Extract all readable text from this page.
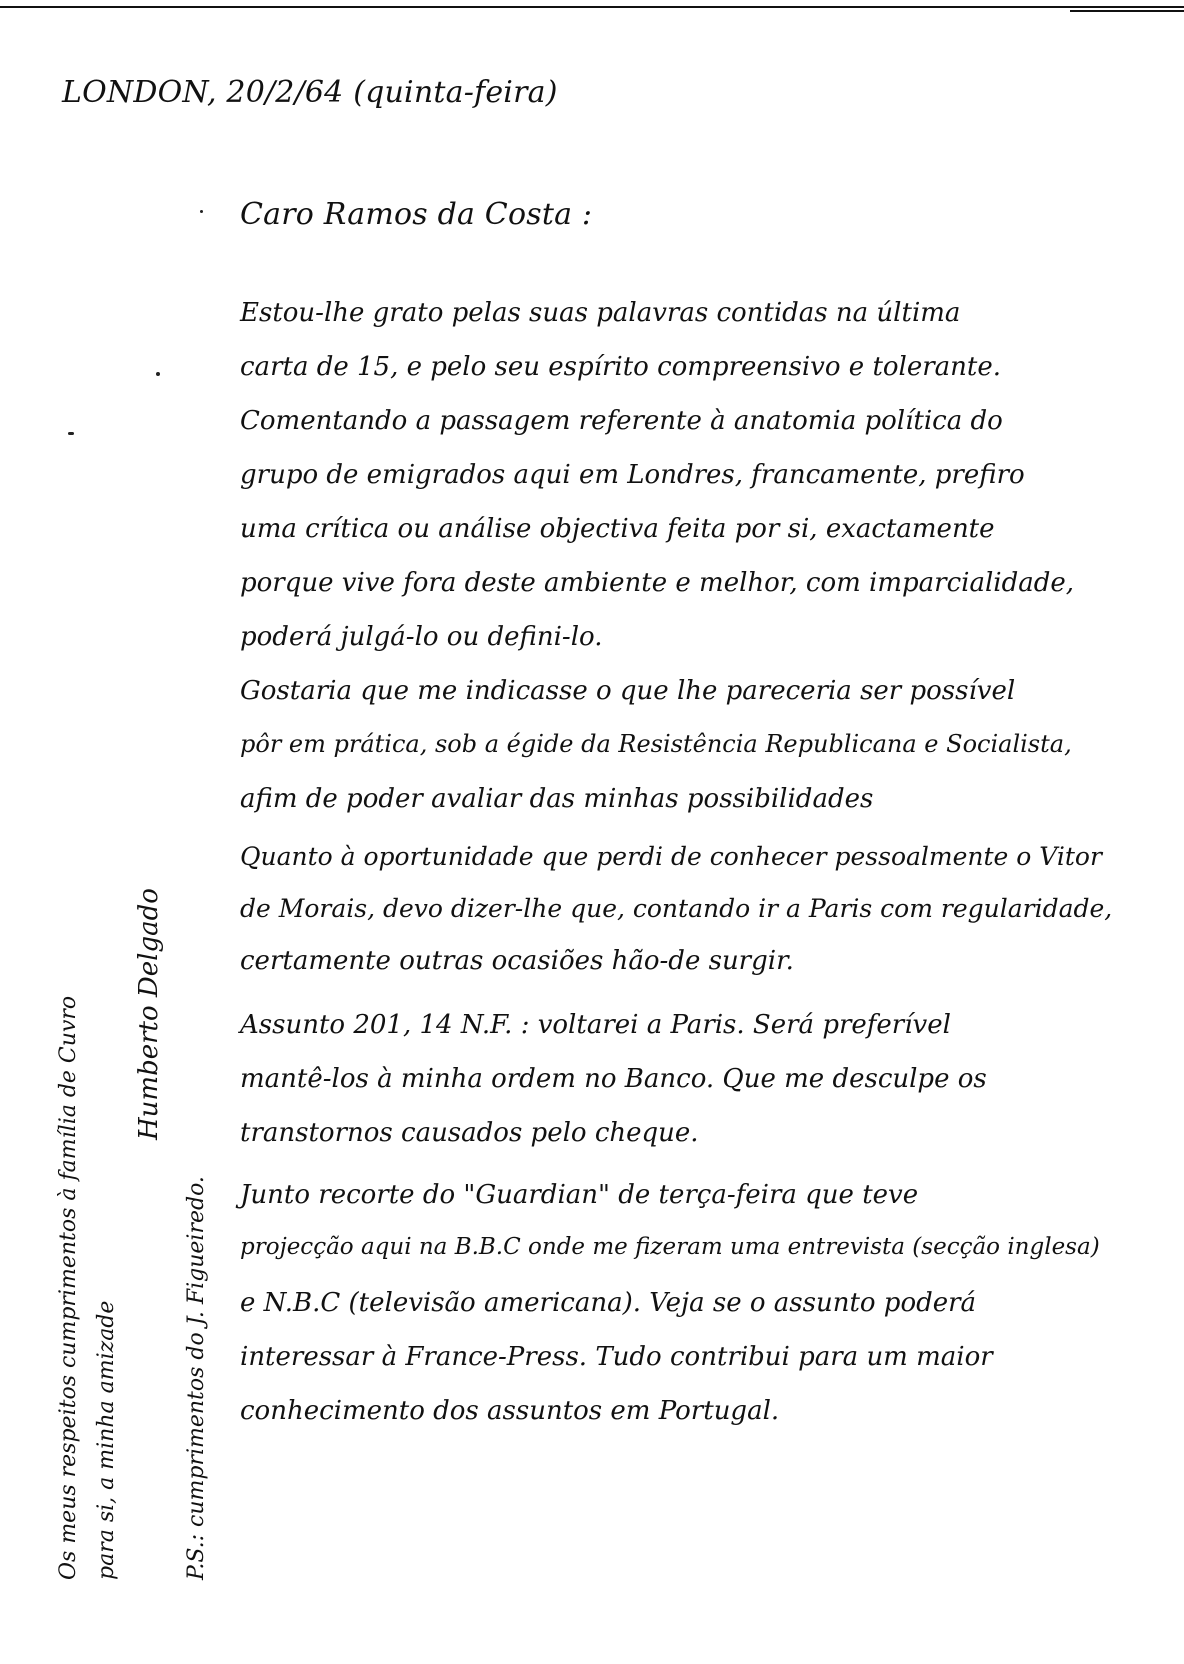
LONDON, 20/2/64 (quinta-feira)
Caro Ramos da Costa :
Estou-lhe grato pelas suas palavras contidas na última
carta de 15, e pelo seu espírito compreensivo e tolerante.
Comentando a passagem referente à anatomia política do
grupo de emigrados aqui em Londres, francamente, prefiro
uma crítica ou análise objectiva feita por si, exactamente
porque vive fora deste ambiente e melhor, com imparcialidade,
poderá julgá-lo ou defini-lo.
Gostaria que me indicasse o que lhe pareceria ser possível
pôr em prática, sob a égide da Resistência Republicana e Socialista,
afim de poder avaliar das minhas possibilidades
Quanto à oportunidade que perdi de conhecer pessoalmente o Vitor
de Morais, devo dizer-lhe que, contando ir a Paris com regularidade,
certamente outras ocasiões hão-de surgir.
Assunto 201, 14 N.F. : voltarei a Paris. Será preferível
mantê-los à minha ordem no Banco. Que me desculpe os
transtornos causados pelo cheque.
Junto recorte do "Guardian" de terça-feira que teve
projecção aqui na B.B.C onde me fizeram uma entrevista (secção inglesa)
e N.B.C (televisão americana). Veja se o assunto poderá
interessar à France-Press. Tudo contribui para um maior
conhecimento dos assuntos em Portugal.
Os meus respeitos cumprimentos à família de Cuvro para si, a minha amizade
Humberto Delgado
P.S.: cumprimentos do J. Figueiredo.
